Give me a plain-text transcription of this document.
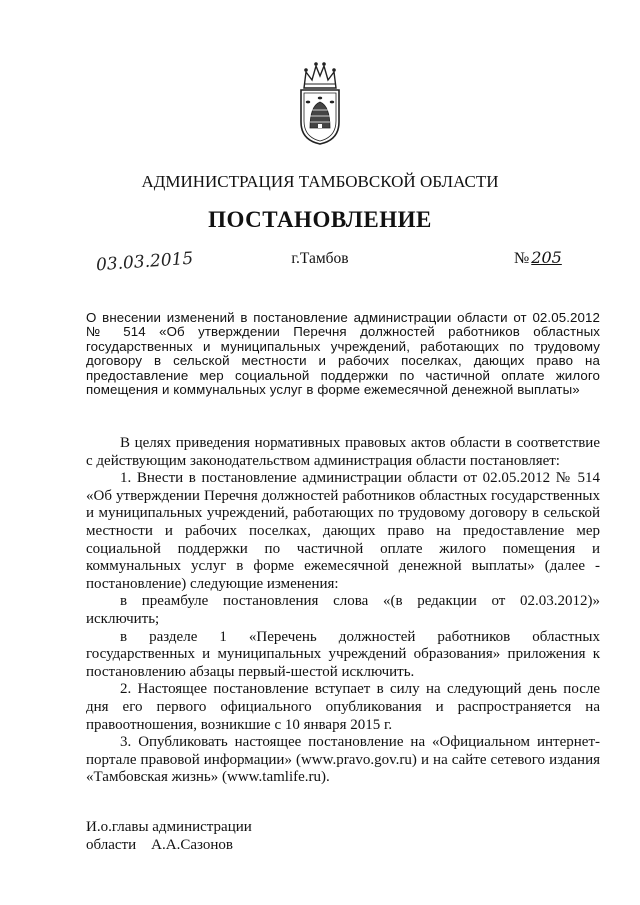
АДМИНИСТРАЦИЯ ТАМБОВСКОЙ ОБЛАСТИ
ПОСТАНОВЛЕНИЕ
03.03.2015	г.Тамбов	№ 205
О внесении изменений в постановление администрации области от 02.05.2012 № 514 «Об утверждении Перечня должностей работников областных государственных и муниципальных учреждений, работающих по трудовому договору в сельской местности и рабочих поселках, дающих право на предоставление мер социальной поддержки по частичной оплате жилого помещения и коммунальных услуг в форме ежемесячной денежной выплаты»

В целях приведения нормативных правовых актов области в соответствие с действующим законодательством администрация области постановляет:

1. Внести в постановление администрации области от 02.05.2012 № 514 «Об утверждении Перечня должностей работников областных государственных и муниципальных учреждений, работающих по трудовому договору в сельской местности и рабочих поселках, дающих право на предоставление мер социальной поддержки по частичной оплате жилого помещения и коммунальных услуг в форме ежемесячной денежной выплаты» (далее - постановление) следующие изменения:

в преамбуле постановления слова «(в редакции от 02.03.2012)» исключить;

в разделе 1 «Перечень должностей работников областных государственных и муниципальных учреждений образования» приложения к постановлению абзацы первый-шестой исключить.

2. Настоящее постановление вступает в силу на следующий день после дня его первого официального опубликования и распространяется на правоотношения, возникшие с 10 января 2015 г.

3. Опубликовать настоящее постановление на «Официальном интернет-портале правовой информации» (www.pravo.gov.ru) и на сайте сетевого издания «Тамбовская жизнь» (www.tamlife.ru).

И.о.главы администрации
области А.А.Сазонов
